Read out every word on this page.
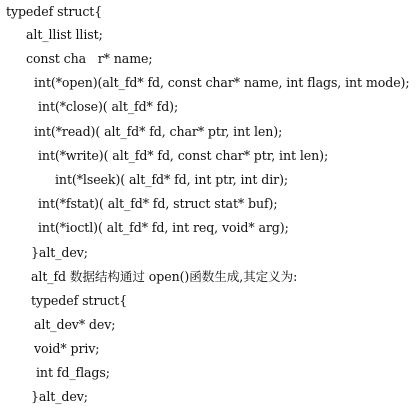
typedef struct{
alt_llist llist;
const cha   r* name;
int(*open)(alt_fd* fd, const char* name, int flags, int mode);
int(*close)( alt_fd* fd);
int(*read)( alt_fd* fd, char* ptr, int len);
int(*write)( alt_fd* fd, const char* ptr, int len);
int(*lseek)( alt_fd* fd, int ptr, int dir);
int(*fstat)( alt_fd* fd, struct stat* buf);
int(*ioctl)( alt_fd* fd, int req, void* arg);
}alt_dev;
alt_fd 数据结构通过 open()函数生成,其定义为:
typedef struct{
alt_dev* dev;
void* priv;
int fd_flags;
}alt_dev;
